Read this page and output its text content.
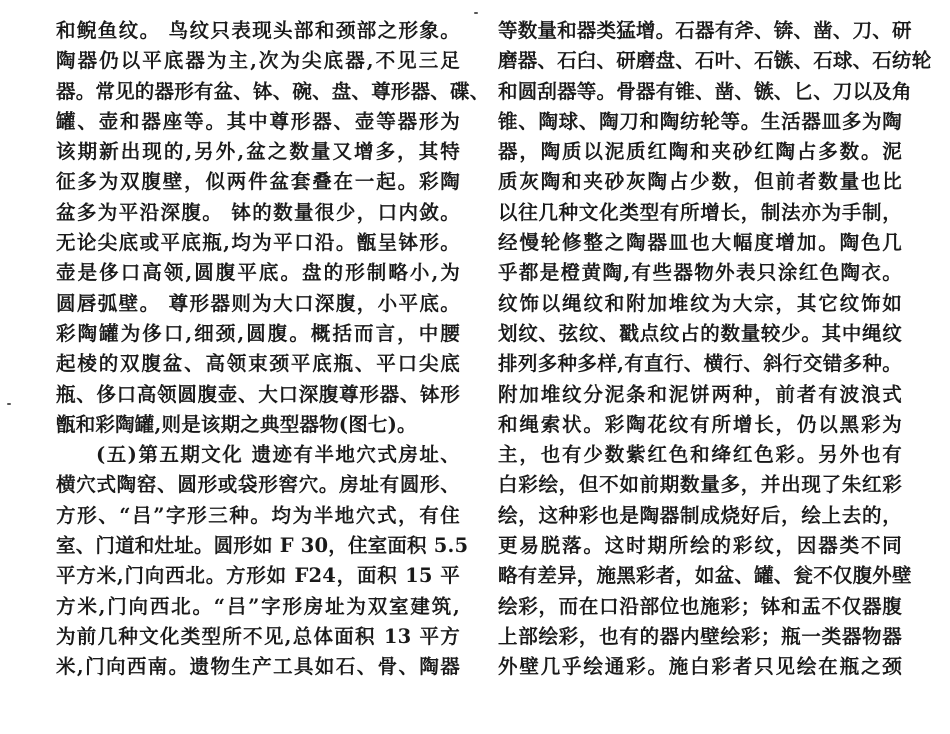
和鲵鱼纹。 鸟纹只表现头部和颈部之形象。
陶器仍以平底器为主,次为尖底器,不见三足
器。常见的器形有盆、钵、碗、盘、尊形器、碟、
罐、壶和器座等。其中尊形器、壶等器形为
该期新出现的,另外,盆之数量又增多，其特
征多为双腹壁，似两件盆套叠在一起。彩陶
盆多为平沿深腹。 钵的数量很少，口内敛。
无论尖底或平底瓶,均为平口沿。甑呈钵形。
壶是侈口高领,圆腹平底。盘的形制略小,为
圆唇弧壁。 尊形器则为大口深腹，小平底。
彩陶罐为侈口,细颈,圆腹。概括而言，中腰
起棱的双腹盆、高领束颈平底瓶、平口尖底
瓶、侈口高领圆腹壶、大口深腹尊形器、钵形
甑和彩陶罐,则是该期之典型器物(图七)。
(五)第五期文化 遗迹有半地穴式房址、
横穴式陶窑、圆形或袋形窖穴。房址有圆形、
方形、“吕”字形三种。均为半地穴式，有住
室、门道和灶址。圆形如 F 30，住室面积 5.5
平方米,门向西北。方形如 F24，面积 15 平
方米,门向西北。“吕”字形房址为双室建筑,
为前几种文化类型所不见,总体面积 13 平方
米,门向西南。遗物生产工具如石、骨、陶器
等数量和器类猛增。石器有斧、锛、凿、刀、研
磨器、石臼、研磨盘、石叶、石镞、石球、石纺轮
和圆刮器等。骨器有锥、凿、镞、匕、刀以及角
锥、陶球、陶刀和陶纺轮等。生活器皿多为陶
器，陶质以泥质红陶和夹砂红陶占多数。泥
质灰陶和夹砂灰陶占少数，但前者数量也比
以往几种文化类型有所增长，制法亦为手制，
经慢轮修整之陶器皿也大幅度增加。陶色几
乎都是橙黄陶,有些器物外表只涂红色陶衣。
纹饰以绳纹和附加堆纹为大宗，其它纹饰如
划纹、弦纹、戳点纹占的数量较少。其中绳纹
排列多种多样,有直行、横行、斜行交错多种。
附加堆纹分泥条和泥饼两种，前者有波浪式
和绳索状。彩陶花纹有所增长，仍以黑彩为
主，也有少数紫红色和绛红色彩。另外也有
白彩绘，但不如前期数量多，并出现了朱红彩
绘，这种彩也是陶器制成烧好后，绘上去的，
更易脱落。这时期所绘的彩纹，因器类不同
略有差异，施黑彩者，如盆、罐、瓮不仅腹外壁
绘彩，而在口沿部位也施彩；钵和盂不仅器腹
上部绘彩，也有的器内壁绘彩；瓶一类器物器
外壁几乎绘通彩。施白彩者只见绘在瓶之颈
